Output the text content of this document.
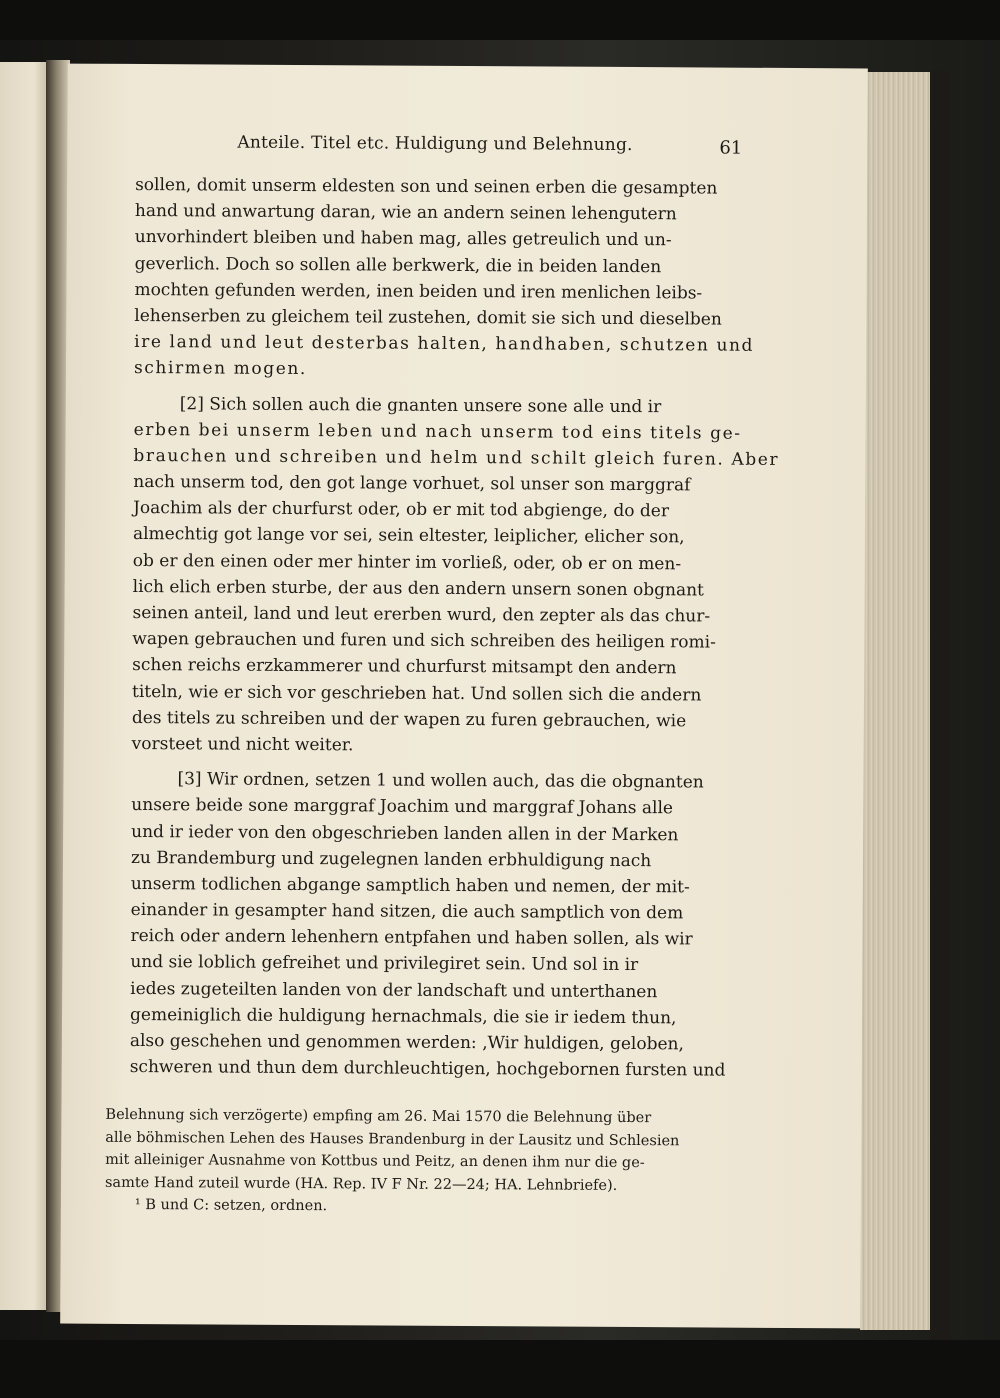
Anteile. Titel etc. Huldigung und Belehnung.	61
sollen, domit unserm eldesten son und seinen erben die gesampten
hand und anwartung daran, wie an andern seinen lehengutern
unvorhindert bleiben und haben mag, alles getreulich und un-
geverlich. Doch so sollen alle berkwerk, die in beiden landen
mochten gefunden werden, inen beiden und iren menlichen leibs-
lehenserben zu gleichem teil zustehen, domit sie sich und dieselben
ire land und leut desterbas halten, handhaben, schutzen und
schirmen mogen.
[2] Sich sollen auch die gnanten unsere sone alle und ir
erben bei unserm leben und nach unserm tod eins titels ge-
brauchen und schreiben und helm und schilt gleich furen. Aber
nach unserm tod, den got lange vorhuet, sol unser son marggraf
Joachim als der churfurst oder, ob er mit tod abgienge, do der
almechtig got lange vor sei, sein eltester, leiplicher, elicher son,
ob er den einen oder mer hinter im vorließ, oder, ob er on men-
lich elich erben sturbe, der aus den andern unsern sonen obgnant
seinen anteil, land und leut ererben wurd, den zepter als das chur-
wapen gebrauchen und furen und sich schreiben des heiligen romi-
schen reichs erzkammerer und churfurst mitsampt den andern
titeln, wie er sich vor geschrieben hat. Und sollen sich die andern
des titels zu schreiben und der wapen zu furen gebrauchen, wie
vorsteet und nicht weiter.
[3] Wir ordnen, setzen 1 und wollen auch, das die obgnanten
unsere beide sone marggraf Joachim und marggraf Johans alle
und ir ieder von den obgeschrieben landen allen in der Marken
zu Brandemburg und zugelegnen landen erbhuldigung nach
unserm todlichen abgange samptlich haben und nemen, der mit-
einander in gesampter hand sitzen, die auch samptlich von dem
reich oder andern lehenhern entpfahen und haben sollen, als wir
und sie loblich gefreihet und privilegiret sein. Und sol in ir
iedes zugeteilten landen von der landschaft und unterthanen
gemeiniglich die huldigung hernachmals, die sie ir iedem thun,
also geschehen und genommen werden: ‚Wir huldigen, geloben,
schweren und thun dem durchleuchtigen, hochgebornen fursten und
Belehnung sich verzögerte) empfing am 26. Mai 1570 die Belehnung über
alle böhmischen Lehen des Hauses Brandenburg in der Lausitz und Schlesien
mit alleiniger Ausnahme von Kottbus und Peitz, an denen ihm nur die ge-
samte Hand zuteil wurde (HA. Rep. IV F Nr. 22—24; HA. Lehnbriefe).
¹ B und C: setzen, ordnen.
